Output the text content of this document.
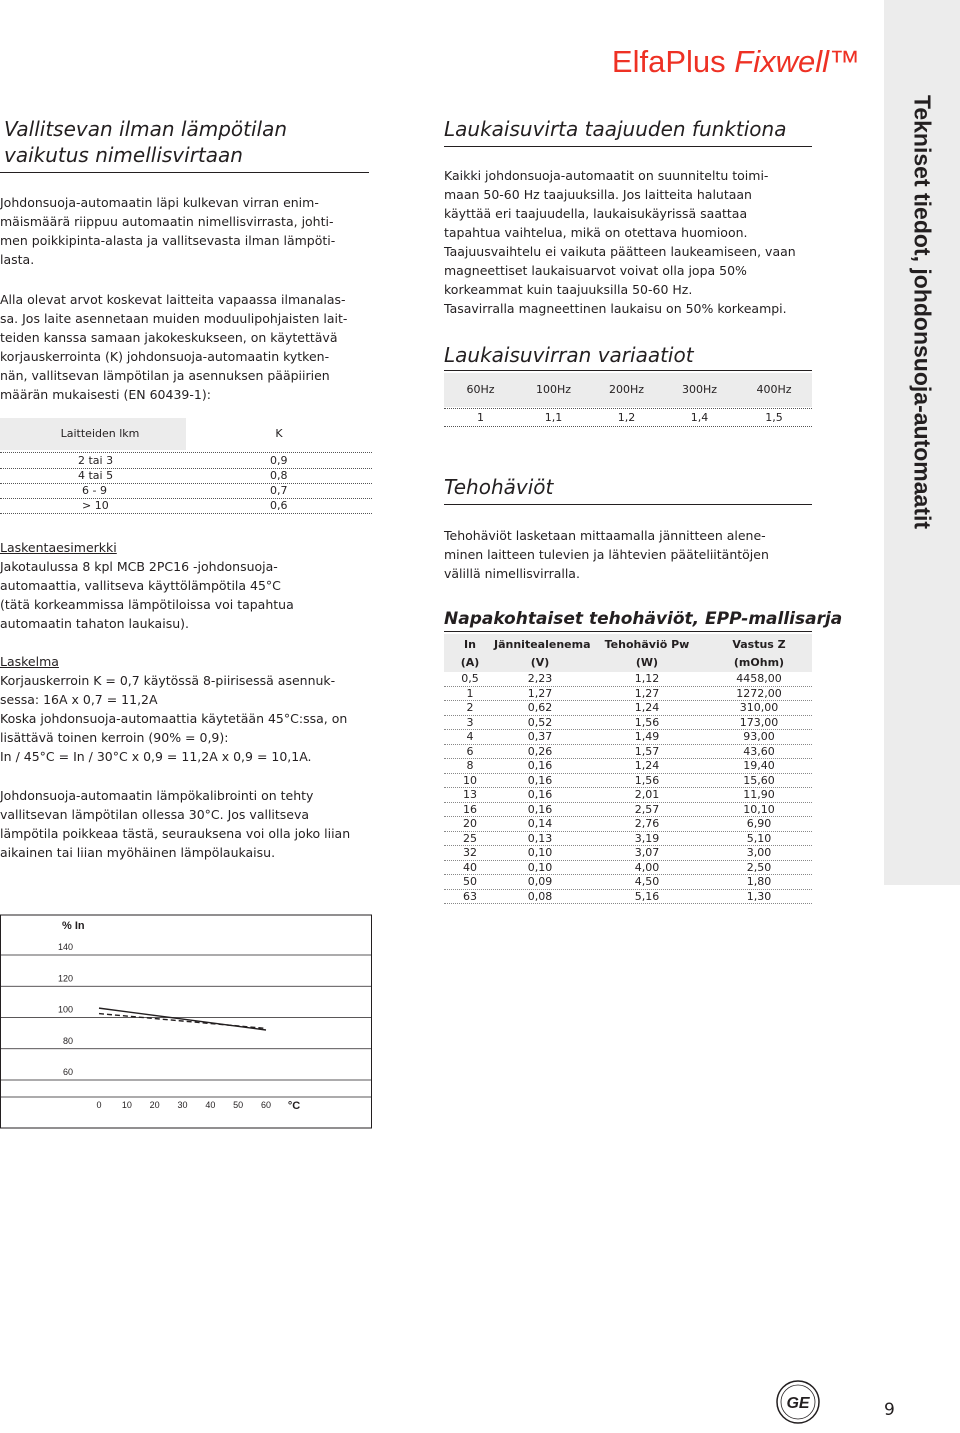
ElfaPlus Fixwell™
Tekniset tiedot, johdonsuoja-automaatit
Vallitsevan ilman lämpötilan
vaikutus nimellisvirtaan
Johdonsuoja-automaatin läpi kulkevan virran enim-
mäismäärä riippuu automaatin nimellisvirrasta, johti-
men poikkipinta-alasta ja vallitsevasta ilman lämpöti-
lasta.
Alla olevat arvot koskevat laitteita vapaassa ilmanalas-
sa. Jos laite asennetaan muiden moduulipohjaisten lait-
teiden kanssa samaan jakokeskukseen, on käytettävä
korjauskerrointa (K) johdonsuoja-automaatin kytken-
nän, vallitsevan lämpötilan ja asennuksen pääpiirien
määrän mukaisesti (EN 60439-1):
Laitteiden lkm	K
2 tai 3	0,9
4 tai 5	0,8
6 - 9	0,7
> 10	0,6
Laskentaesimerkki
Jakotaulussa 8 kpl MCB 2PC16 -johdonsuoja-
automaattia, vallitseva käyttölämpötila 45°C
(tätä korkeammissa lämpötiloissa voi tapahtua
automaatin tahaton laukaisu).
Laskelma
Korjauskerroin K = 0,7 käytössä 8-piirisessä asennuk-
sessa: 16A x 0,7 = 11,2A
Koska johdonsuoja-automaattia käytetään 45°C:ssa, on
lisättävä toinen kerroin (90% = 0,9):
In / 45°C = In / 30°C x 0,9 = 11,2A x 0,9 = 10,1A.
Johdonsuoja-automaatin lämpökalibrointi on tehty
vallitsevan lämpötilan ollessa 30°C. Jos vallitseva
lämpötila poikkeaa tästä, seurauksena voi olla joko liian
aikainen tai liian myöhäinen lämpölaukaisu.
140
120
100
80
60
% In
0 10 20 30 40 50 60 °C
Laukaisuvirta taajuuden funktiona
Kaikki johdonsuoja-automaatit on suunniteltu toimi-
maan 50-60 Hz taajuuksilla. Jos laitteita halutaan
käyttää eri taajuudella, laukaisukäyrissä saattaa
tapahtua vaihtelua, mikä on otettava huomioon.
Taajuusvaihtelu ei vaikuta päätteen laukeamiseen, vaan
magneettiset laukaisuarvot voivat olla jopa 50%
korkeammat kuin taajuuksilla 50-60 Hz.
Tasavirralla magneettinen laukaisu on 50% korkeampi.
Laukaisuvirran variaatiot
60Hz	100Hz	200Hz	300Hz	400Hz
1	1,1	1,2	1,4	1,5
Tehohäviöt
Tehohäviöt lasketaan mittaamalla jännitteen alene-
minen laitteen tulevien ja lähtevien pääteliitäntöjen
välillä nimellisvirralla.
Napakohtaiset tehohäviöt, EPP-mallisarja
In	Jännitealenema	Tehohäviö Pw	Vastus Z
(A)	(V)	(W)	(mOhm)
0,5	2,23	1,12	4458,00
1	1,27	1,27	1272,00
2	0,62	1,24	310,00
3	0,52	1,56	173,00
4	0,37	1,49	93,00
6	0,26	1,57	43,60
8	0,16	1,24	19,40
10	0,16	1,56	15,60
13	0,16	2,01	11,90
16	0,16	2,57	10,10
20	0,14	2,76	6,90
25	0,13	3,19	5,10
32	0,10	3,07	3,00
40	0,10	4,00	2,50
50	0,09	4,50	1,80
63	0,08	5,16	1,30
GE	9
